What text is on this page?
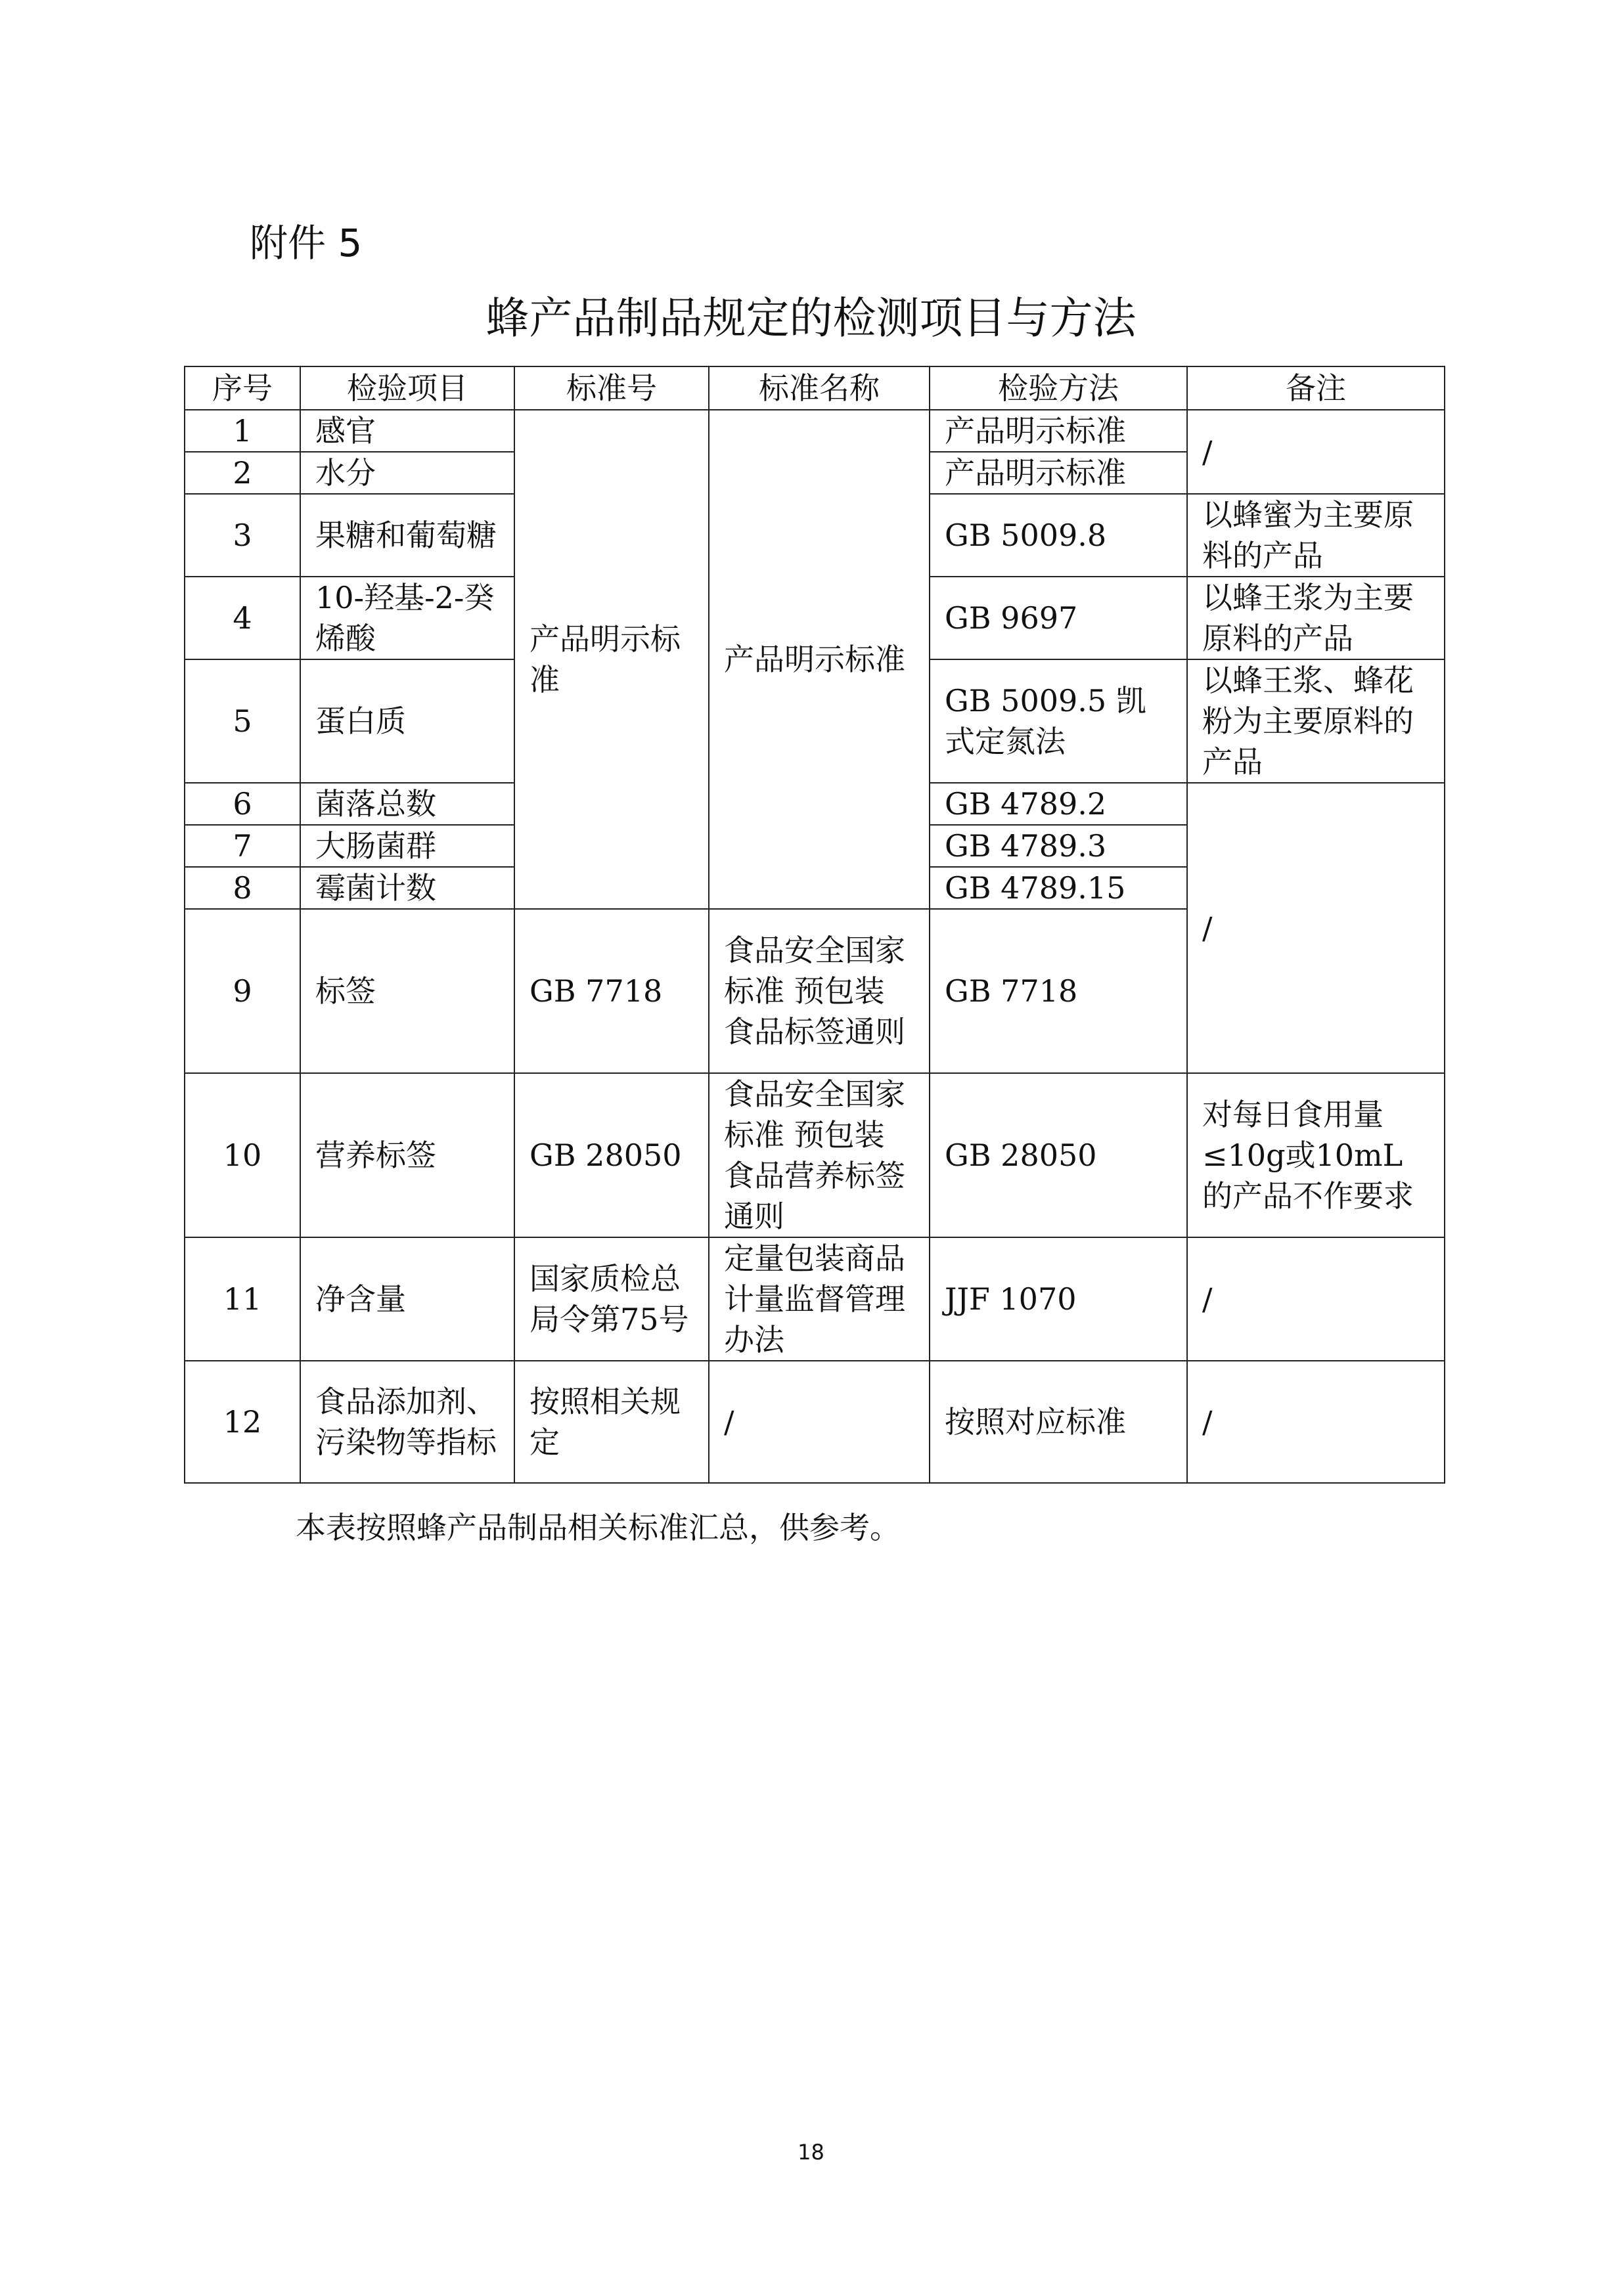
附件 5
蜂产品制品规定的检测项目与方法
序号	检验项目	标准号	标准名称	检验方法	备注
1	感官	产品明示标准	产品明示标准	产品明示标准	/
2	水分			产品明示标准	
3	果糖和葡萄糖			GB 5009.8	以蜂蜜为主要原料的产品
4	10-羟基-2-癸烯酸			GB 9697	以蜂王浆为主要原料的产品
5	蛋白质			GB 5009.5 凯式定氮法	以蜂王浆、蜂花粉为主要原料的产品
6	菌落总数			GB 4789.2	/
7	大肠菌群			GB 4789.3	
8	霉菌计数			GB 4789.15	
9	标签	GB 7718	食品安全国家标准 预包装食品标签通则	GB 7718	
10	营养标签	GB 28050	食品安全国家标准 预包装食品营养标签通则	GB 28050	对每日食用量≤10g或10mL的产品不作要求
11	净含量	国家质检总局令第75号	定量包装商品计量监督管理办法	JJF 1070	/
12	食品添加剂、污染物等指标	按照相关规定	/	按照对应标准	/
本表按照蜂产品制品相关标准汇总，供参考。
18
